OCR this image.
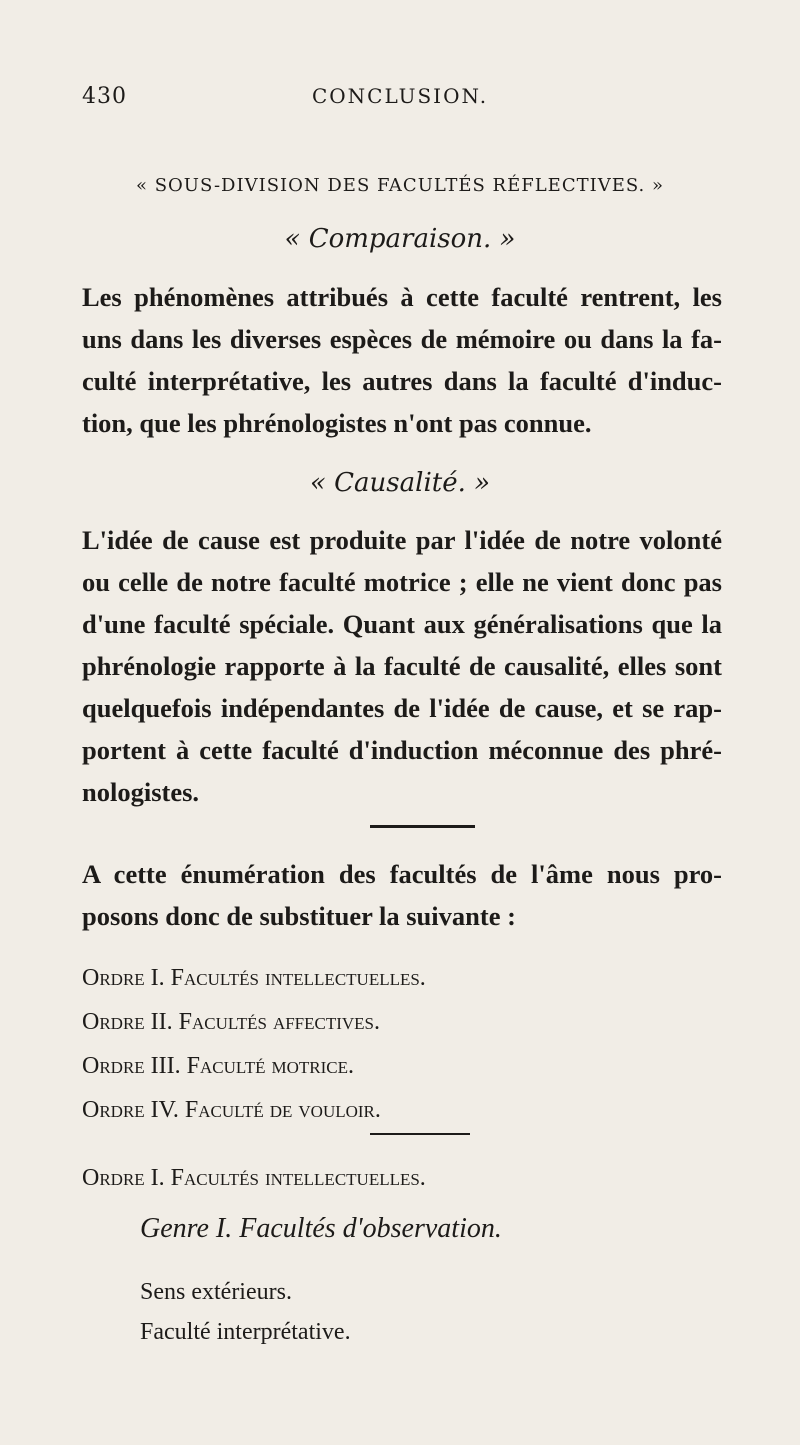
430	CONCLUSION.
« SOUS-DIVISION DES FACULTÉS RÉFLECTIVES. »
« Comparaison. »

Les phénomènes attribués à cette faculté rentrent, les
uns dans les diverses espèces de mémoire ou dans la fa-
culté interprétative, les autres dans la faculté d'induc-
tion, que les phrénologistes n'ont pas connue.

« Causalité. »

L'idée de cause est produite par l'idée de notre volonté
ou celle de notre faculté motrice ; elle ne vient donc pas
d'une faculté spéciale. Quant aux généralisations que la
phrénologie rapporte à la faculté de causalité, elles sont
quelquefois indépendantes de l'idée de cause, et se rap-
portent à cette faculté d'induction méconnue des phré-
nologistes.

A cette énumération des facultés de l'âme nous pro-
posons donc de substituer la suivante :

Ordre I. Facultés intellectuelles.
Ordre II. Facultés affectives.
Ordre III. Faculté motrice.
Ordre IV. Faculté de vouloir.
Ordre I. Facultés intellectuelles.
Genre I. Facultés d'observation.
Sens extérieurs.
Faculté interprétative.
